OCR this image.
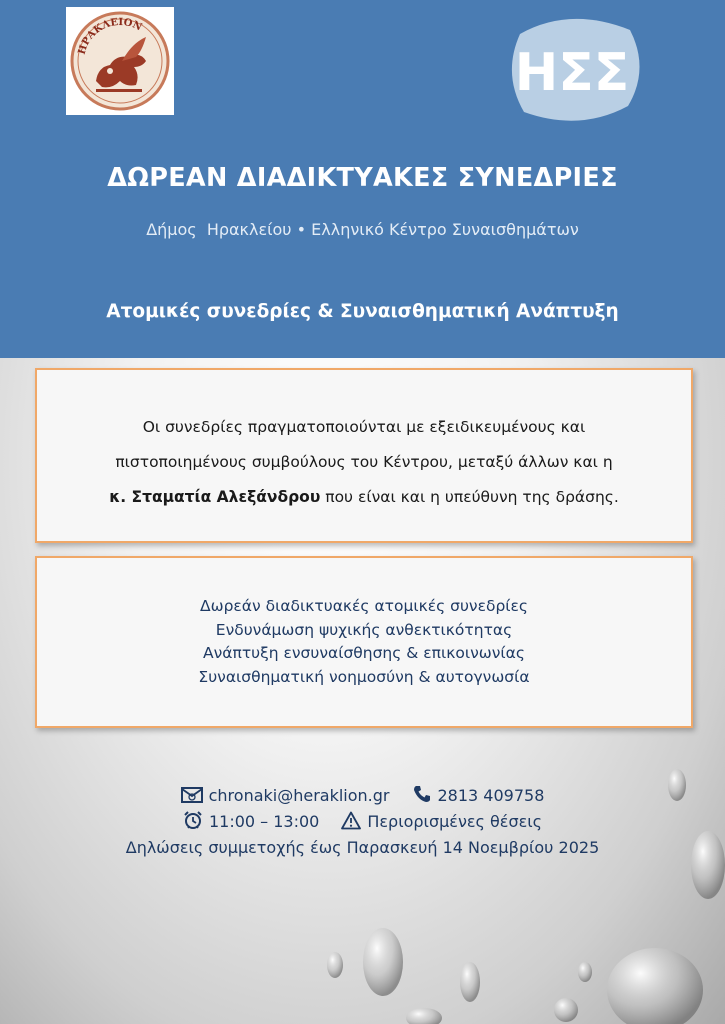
ΗΡΑΚΛΕΙΟΝ
ΗΣΣ
ΔΩΡΕΑΝ ΔΙΑΔΙΚΤΥΑΚΕΣ ΣΥΝΕΔΡΙΕΣ
Δήμος  Ηρακλείου • Ελληνικό Κέντρο Συναισθημάτων
Ατομικές συνεδρίες & Συναισθηματική Ανάπτυξη
Οι συνεδρίες πραγματοποιούνται με εξειδικευμένους και
πιστοποιημένους συμβούλους του Κέντρου, μεταξύ άλλων και η
κ. Σταματία Αλεξάνδρου που είναι και η υπεύθυνη της δράσης.
Δωρεάν διαδικτυακές ατομικές συνεδρίες
Ενδυνάμωση ψυχικής ανθεκτικότητας
Ανάπτυξη ενσυναίσθησης & επικοινωνίας
Συναισθηματική νοημοσύνη & αυτογνωσία
chronaki@heraklion.gr	2813 409758
11:00 – 13:00	Περιορισμένες θέσεις
Δηλώσεις συμμετοχής έως Παρασκευή 14 Νοεμβρίου 2025
